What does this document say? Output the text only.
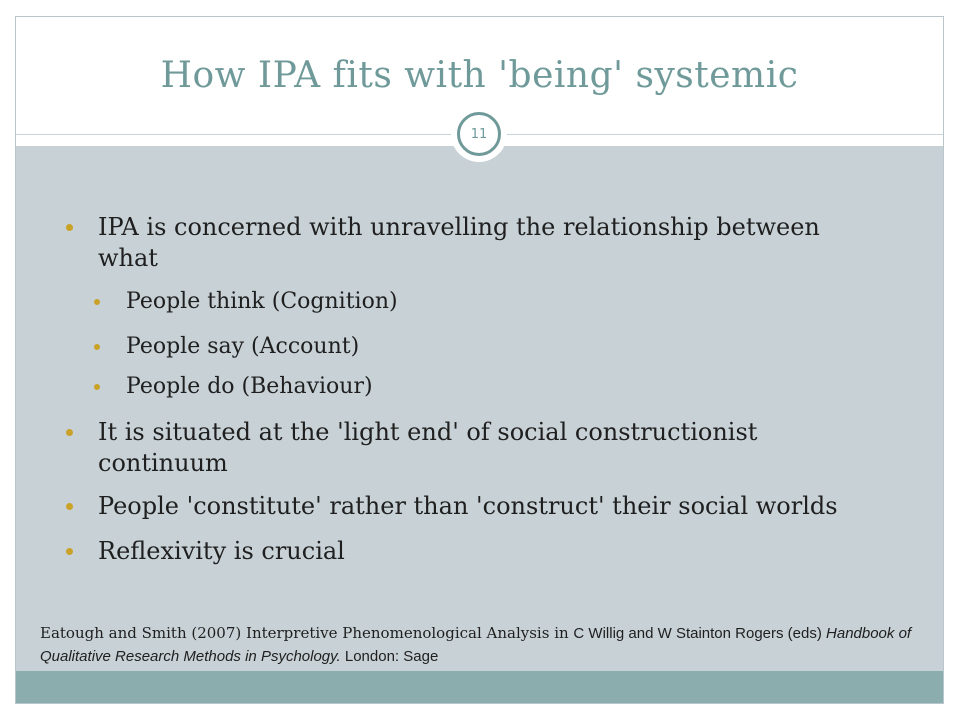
How IPA fits with 'being' systemic
IPA is concerned with unravelling the relationship between what
People think (Cognition)
People say (Account)
People do (Behaviour)
It is situated at the 'light end' of social constructionist continuum
People 'constitute' rather than 'construct' their social worlds
Reflexivity is crucial
11
Eatough and Smith (2007) Interpretive Phenomenological Analysis in C Willig and W Stainton Rogers (eds) Handbook of Qualitative Research Methods in Psychology. London: Sage
